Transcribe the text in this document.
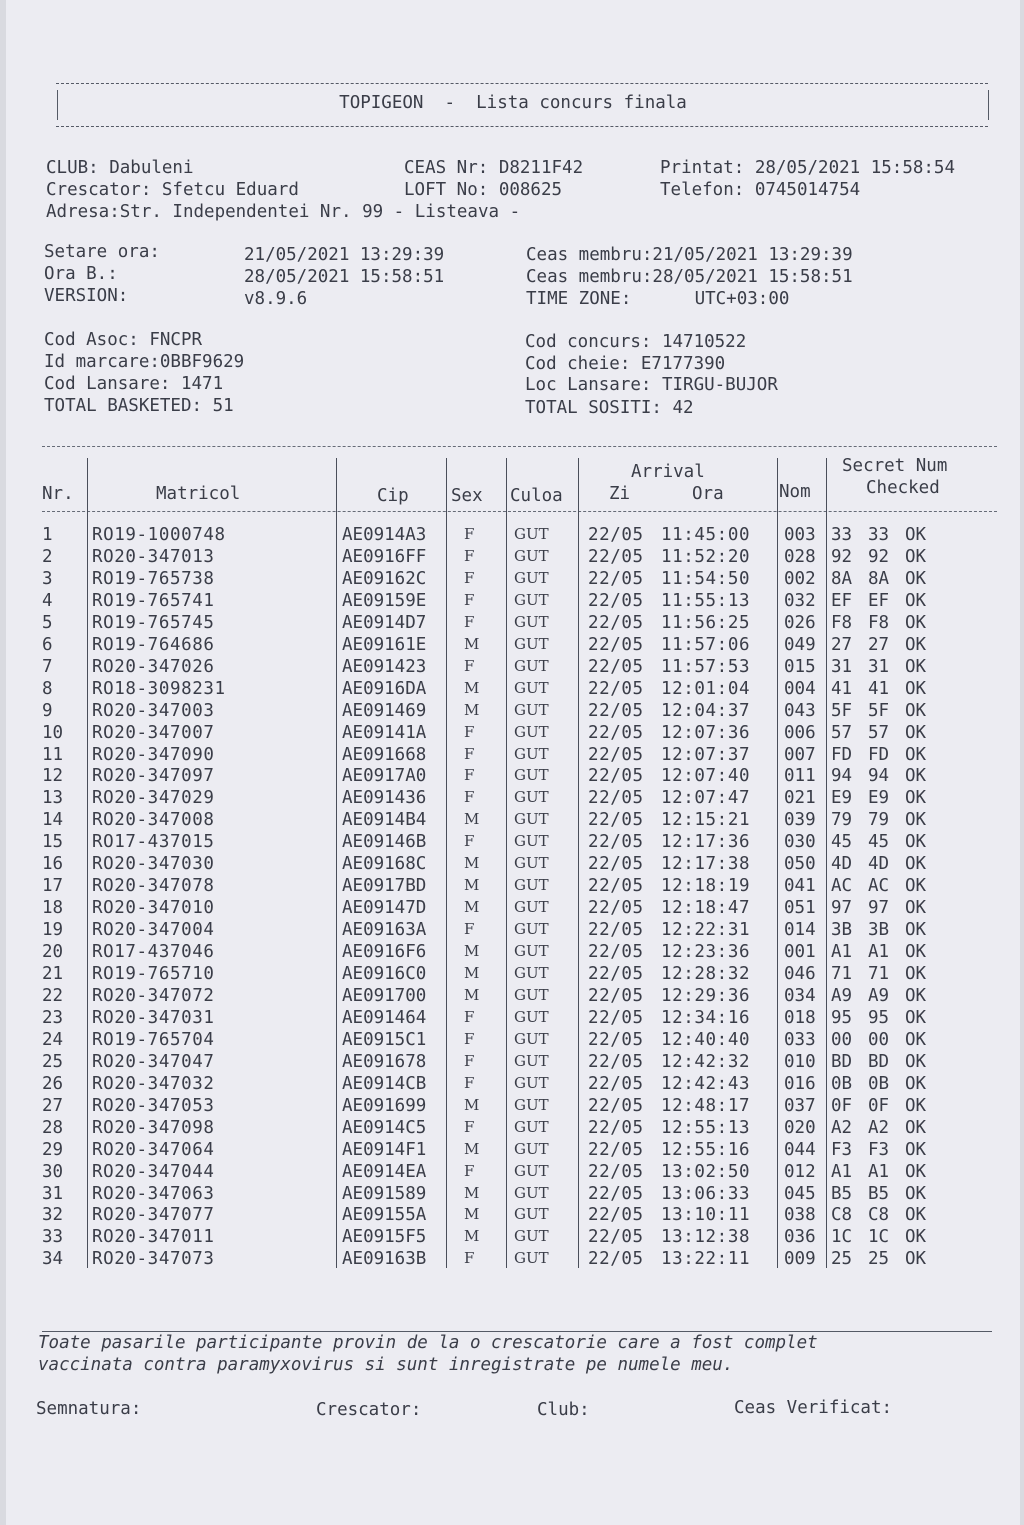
TOPIGEON  -  Lista concurs finala
CLUB: Dabuleni
Crescator: Sfetcu Eduard
Adresa:Str. Independentei Nr. 99 - Listeava -
CEAS Nr: D8211F42
LOFT No: 008625
Printat: 28/05/2021 15:58:54
Telefon: 0745014754
Setare ora:	21/05/2021 13:29:39
Ora B.:	28/05/2021 15:58:51
VERSION:	v8.9.6
Ceas membru:21/05/2021 13:29:39
Ceas membru:28/05/2021 15:58:51
TIME ZONE:      UTC+03:00
Cod Asoc: FNCPR
Id marcare:0BBF9629
Cod Lansare: 1471
TOTAL BASKETED: 51
Cod concurs: 14710522
Cod cheie: E7177390
Loc Lansare: TIRGU-BUJOR
TOTAL SOSITI: 42
Nr.	Matricol	Cip Sex Culoa
Arrival
Zi	Ora	Nom
Secret Num
Checked
1 RO19-1000748	AE0914A3	F	GUT 22/05 11:45:00 003 33 33 OK
2 RO20-347013	AE0916FF	F	GUT 22/05 11:52:20 028 92 92 OK
3 RO19-765738	AE09162C	F	GUT 22/05 11:54:50 002 8A 8A OK
4 RO19-765741	AE09159E	F	GUT 22/05 11:55:13 032 EF EF OK
5 RO19-765745	AE0914D7	F	GUT 22/05 11:56:25 026 F8 F8 OK
6 RO19-764686	AE09161E	M GUT 22/05 11:57:06 049 27 27 OK
7 RO20-347026	AE091423	F	GUT 22/05 11:57:53 015 31 31 OK
8 RO18-3098231	AE0916DA	M GUT 22/05 12:01:04 004 41 41 OK
9 RO20-347003	AE091469	M GUT 22/05 12:04:37 043 5F 5F OK
10 RO20-347007	AE09141A	F	GUT 22/05 12:07:36 006 57 57 OK
11 RO20-347090	AE091668	F	GUT 22/05 12:07:37 007 FD FD OK
12 RO20-347097	AE0917A0	F	GUT 22/05 12:07:40 011 94 94 OK
13 RO20-347029	AE091436	F	GUT 22/05 12:07:47 021 E9 E9 OK
14 RO20-347008	AE0914B4	M GUT 22/05 12:15:21 039 79 79 OK
15 RO17-437015	AE09146B	F	GUT 22/05 12:17:36 030 45 45 OK
16 RO20-347030	AE09168C	M GUT 22/05 12:17:38 050 4D 4D OK
17 RO20-347078	AE0917BD	M GUT 22/05 12:18:19 041 AC AC OK
18 RO20-347010	AE09147D	M GUT 22/05 12:18:47 051 97 97 OK
19 RO20-347004	AE09163A	F	GUT 22/05 12:22:31 014 3B 3B OK
20 RO17-437046	AE0916F6	M GUT 22/05 12:23:36 001 A1 A1 OK
21 RO19-765710	AE0916C0	M GUT 22/05 12:28:32 046 71 71 OK
22 RO20-347072	AE091700	M GUT 22/05 12:29:36 034 A9 A9 OK
23 RO20-347031	AE091464	F	GUT 22/05 12:34:16 018 95 95 OK
24 RO19-765704	AE0915C1	F	GUT 22/05 12:40:40 033 00 00 OK
25 RO20-347047	AE091678	F	GUT 22/05 12:42:32 010 BD BD OK
26 RO20-347032	AE0914CB	F	GUT 22/05 12:42:43 016 0B 0B OK
27 RO20-347053	AE091699	M GUT 22/05 12:48:17 037 0F 0F OK
28 RO20-347098	AE0914C5	F	GUT 22/05 12:55:13 020 A2 A2 OK
29 RO20-347064	AE0914F1	M GUT 22/05 12:55:16 044 F3 F3 OK
30 RO20-347044	AE0914EA	F	GUT 22/05 13:02:50 012 A1 A1 OK
31 RO20-347063	AE091589	M GUT 22/05 13:06:33 045 B5 B5 OK
32 RO20-347077	AE09155A	M GUT 22/05 13:10:11 038 C8 C8 OK
33 RO20-347011	AE0915F5	M GUT 22/05 13:12:38 036 1C 1C OK
34 RO20-347073	AE09163B	F	GUT 22/05 13:22:11 009 25 25 OK
Toate pasarile participante provin de la o crescatorie care a fost complet
vaccinata contra paramyxovirus si sunt inregistrate pe numele meu.
Semnatura:	Crescator:	Club:	Ceas Verificat:
